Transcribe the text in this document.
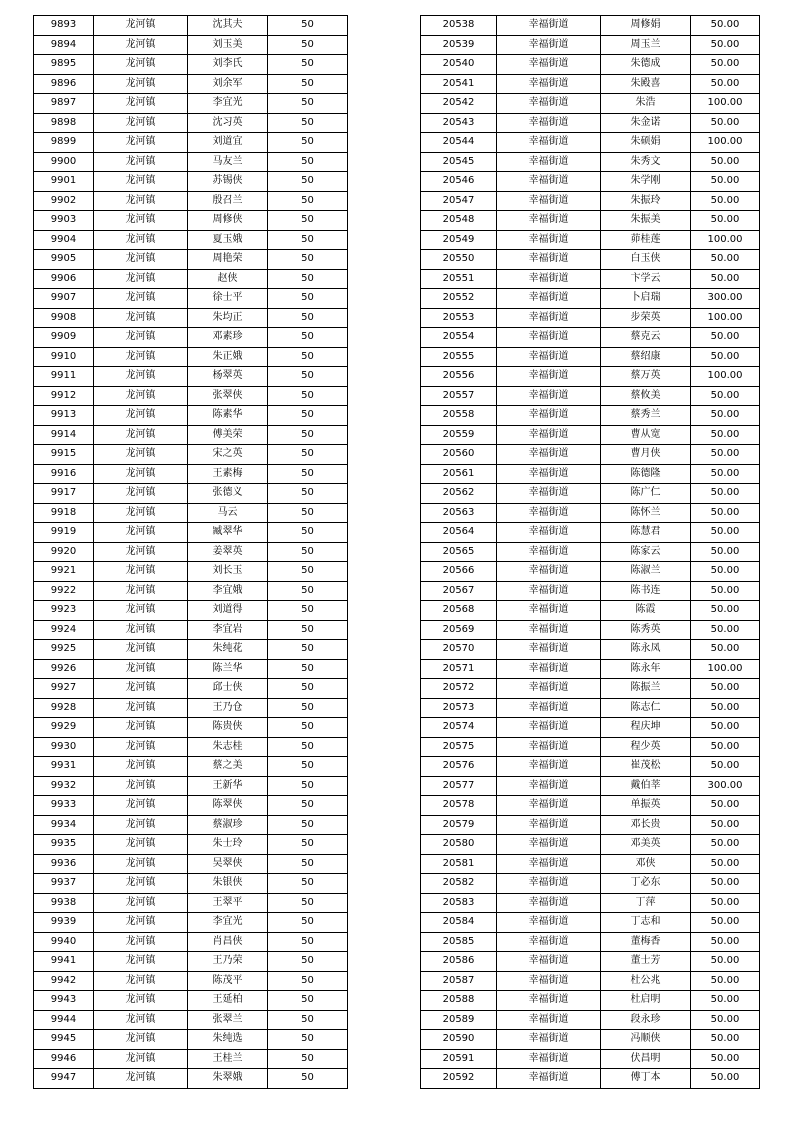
9893	龙河镇	沈其夫	50
9894	龙河镇	刘玉美	50
9895	龙河镇	刘李氏	50
9896	龙河镇	刘余军	50
9897	龙河镇	李宜光	50
9898	龙河镇	沈习英	50
9899	龙河镇	刘道宜	50
9900	龙河镇	马友兰	50
9901	龙河镇	苏锡侠	50
9902	龙河镇	殷召兰	50
9903	龙河镇	周修侠	50
9904	龙河镇	夏玉娥	50
9905	龙河镇	周艳荣	50
9906	龙河镇	赵侠	50
9907	龙河镇	徐士平	50
9908	龙河镇	朱均正	50
9909	龙河镇	邓素珍	50
9910	龙河镇	朱正娥	50
9911	龙河镇	杨翠英	50
9912	龙河镇	张翠侠	50
9913	龙河镇	陈素华	50
9914	龙河镇	傅美荣	50
9915	龙河镇	宋之英	50
9916	龙河镇	王素梅	50
9917	龙河镇	张德义	50
9918	龙河镇	马云	50
9919	龙河镇	臧翠华	50
9920	龙河镇	姜翠英	50
9921	龙河镇	刘长玉	50
9922	龙河镇	李宜娥	50
9923	龙河镇	刘道得	50
9924	龙河镇	李宜岩	50
9925	龙河镇	朱纯花	50
9926	龙河镇	陈兰华	50
9927	龙河镇	邱士侠	50
9928	龙河镇	王乃仓	50
9929	龙河镇	陈贵侠	50
9930	龙河镇	朱志桂	50
9931	龙河镇	蔡之美	50
9932	龙河镇	王新华	50
9933	龙河镇	陈翠侠	50
9934	龙河镇	蔡淑珍	50
9935	龙河镇	朱士玲	50
9936	龙河镇	吴翠侠	50
9937	龙河镇	朱银侠	50
9938	龙河镇	王翠平	50
9939	龙河镇	李宜光	50
9940	龙河镇	肖昌侠	50
9941	龙河镇	王乃荣	50
9942	龙河镇	陈茂平	50
9943	龙河镇	王延柏	50
9944	龙河镇	张翠兰	50
9945	龙河镇	朱纯选	50
9946	龙河镇	王桂兰	50
9947	龙河镇	朱翠娥	50
20538	幸福街道	周修娟	50.00
20539	幸福街道	周玉兰	50.00
20540	幸福街道	朱德成	50.00
20541	幸福街道	朱殿喜	50.00
20542	幸福街道	朱浩	100.00
20543	幸福街道	朱金诺	50.00
20544	幸福街道	朱硕娟	100.00
20545	幸福街道	朱秀文	50.00
20546	幸福街道	朱学刚	50.00
20547	幸福街道	朱振玲	50.00
20548	幸福街道	朱振美	50.00
20549	幸福街道	茆桂莲	100.00
20550	幸福街道	白玉侠	50.00
20551	幸福街道	卞学云	50.00
20552	幸福街道	卜启瑞	300.00
20553	幸福街道	步荣英	100.00
20554	幸福街道	蔡克云	50.00
20555	幸福街道	蔡绍康	50.00
20556	幸福街道	蔡万英	100.00
20557	幸福街道	蔡攸美	50.00
20558	幸福街道	蔡秀兰	50.00
20559	幸福街道	曹从宽	50.00
20560	幸福街道	曹月侠	50.00
20561	幸福街道	陈德隆	50.00
20562	幸福街道	陈广仁	50.00
20563	幸福街道	陈怀兰	50.00
20564	幸福街道	陈慧君	50.00
20565	幸福街道	陈家云	50.00
20566	幸福街道	陈淑兰	50.00
20567	幸福街道	陈书连	50.00
20568	幸福街道	陈霞	50.00
20569	幸福街道	陈秀英	50.00
20570	幸福街道	陈永凤	50.00
20571	幸福街道	陈永年	100.00
20572	幸福街道	陈振兰	50.00
20573	幸福街道	陈志仁	50.00
20574	幸福街道	程庆坤	50.00
20575	幸福街道	程少英	50.00
20576	幸福街道	崔茂松	50.00
20577	幸福街道	戴伯莘	300.00
20578	幸福街道	单振英	50.00
20579	幸福街道	邓长贵	50.00
20580	幸福街道	邓美英	50.00
20581	幸福街道	邓侠	50.00
20582	幸福街道	丁必东	50.00
20583	幸福街道	丁萍	50.00
20584	幸福街道	丁志和	50.00
20585	幸福街道	董梅香	50.00
20586	幸福街道	董士芳	50.00
20587	幸福街道	杜公兆	50.00
20588	幸福街道	杜启明	50.00
20589	幸福街道	段永珍	50.00
20590	幸福街道	冯顺侠	50.00
20591	幸福街道	伏昌明	50.00
20592	幸福街道	傅丁本	50.00
